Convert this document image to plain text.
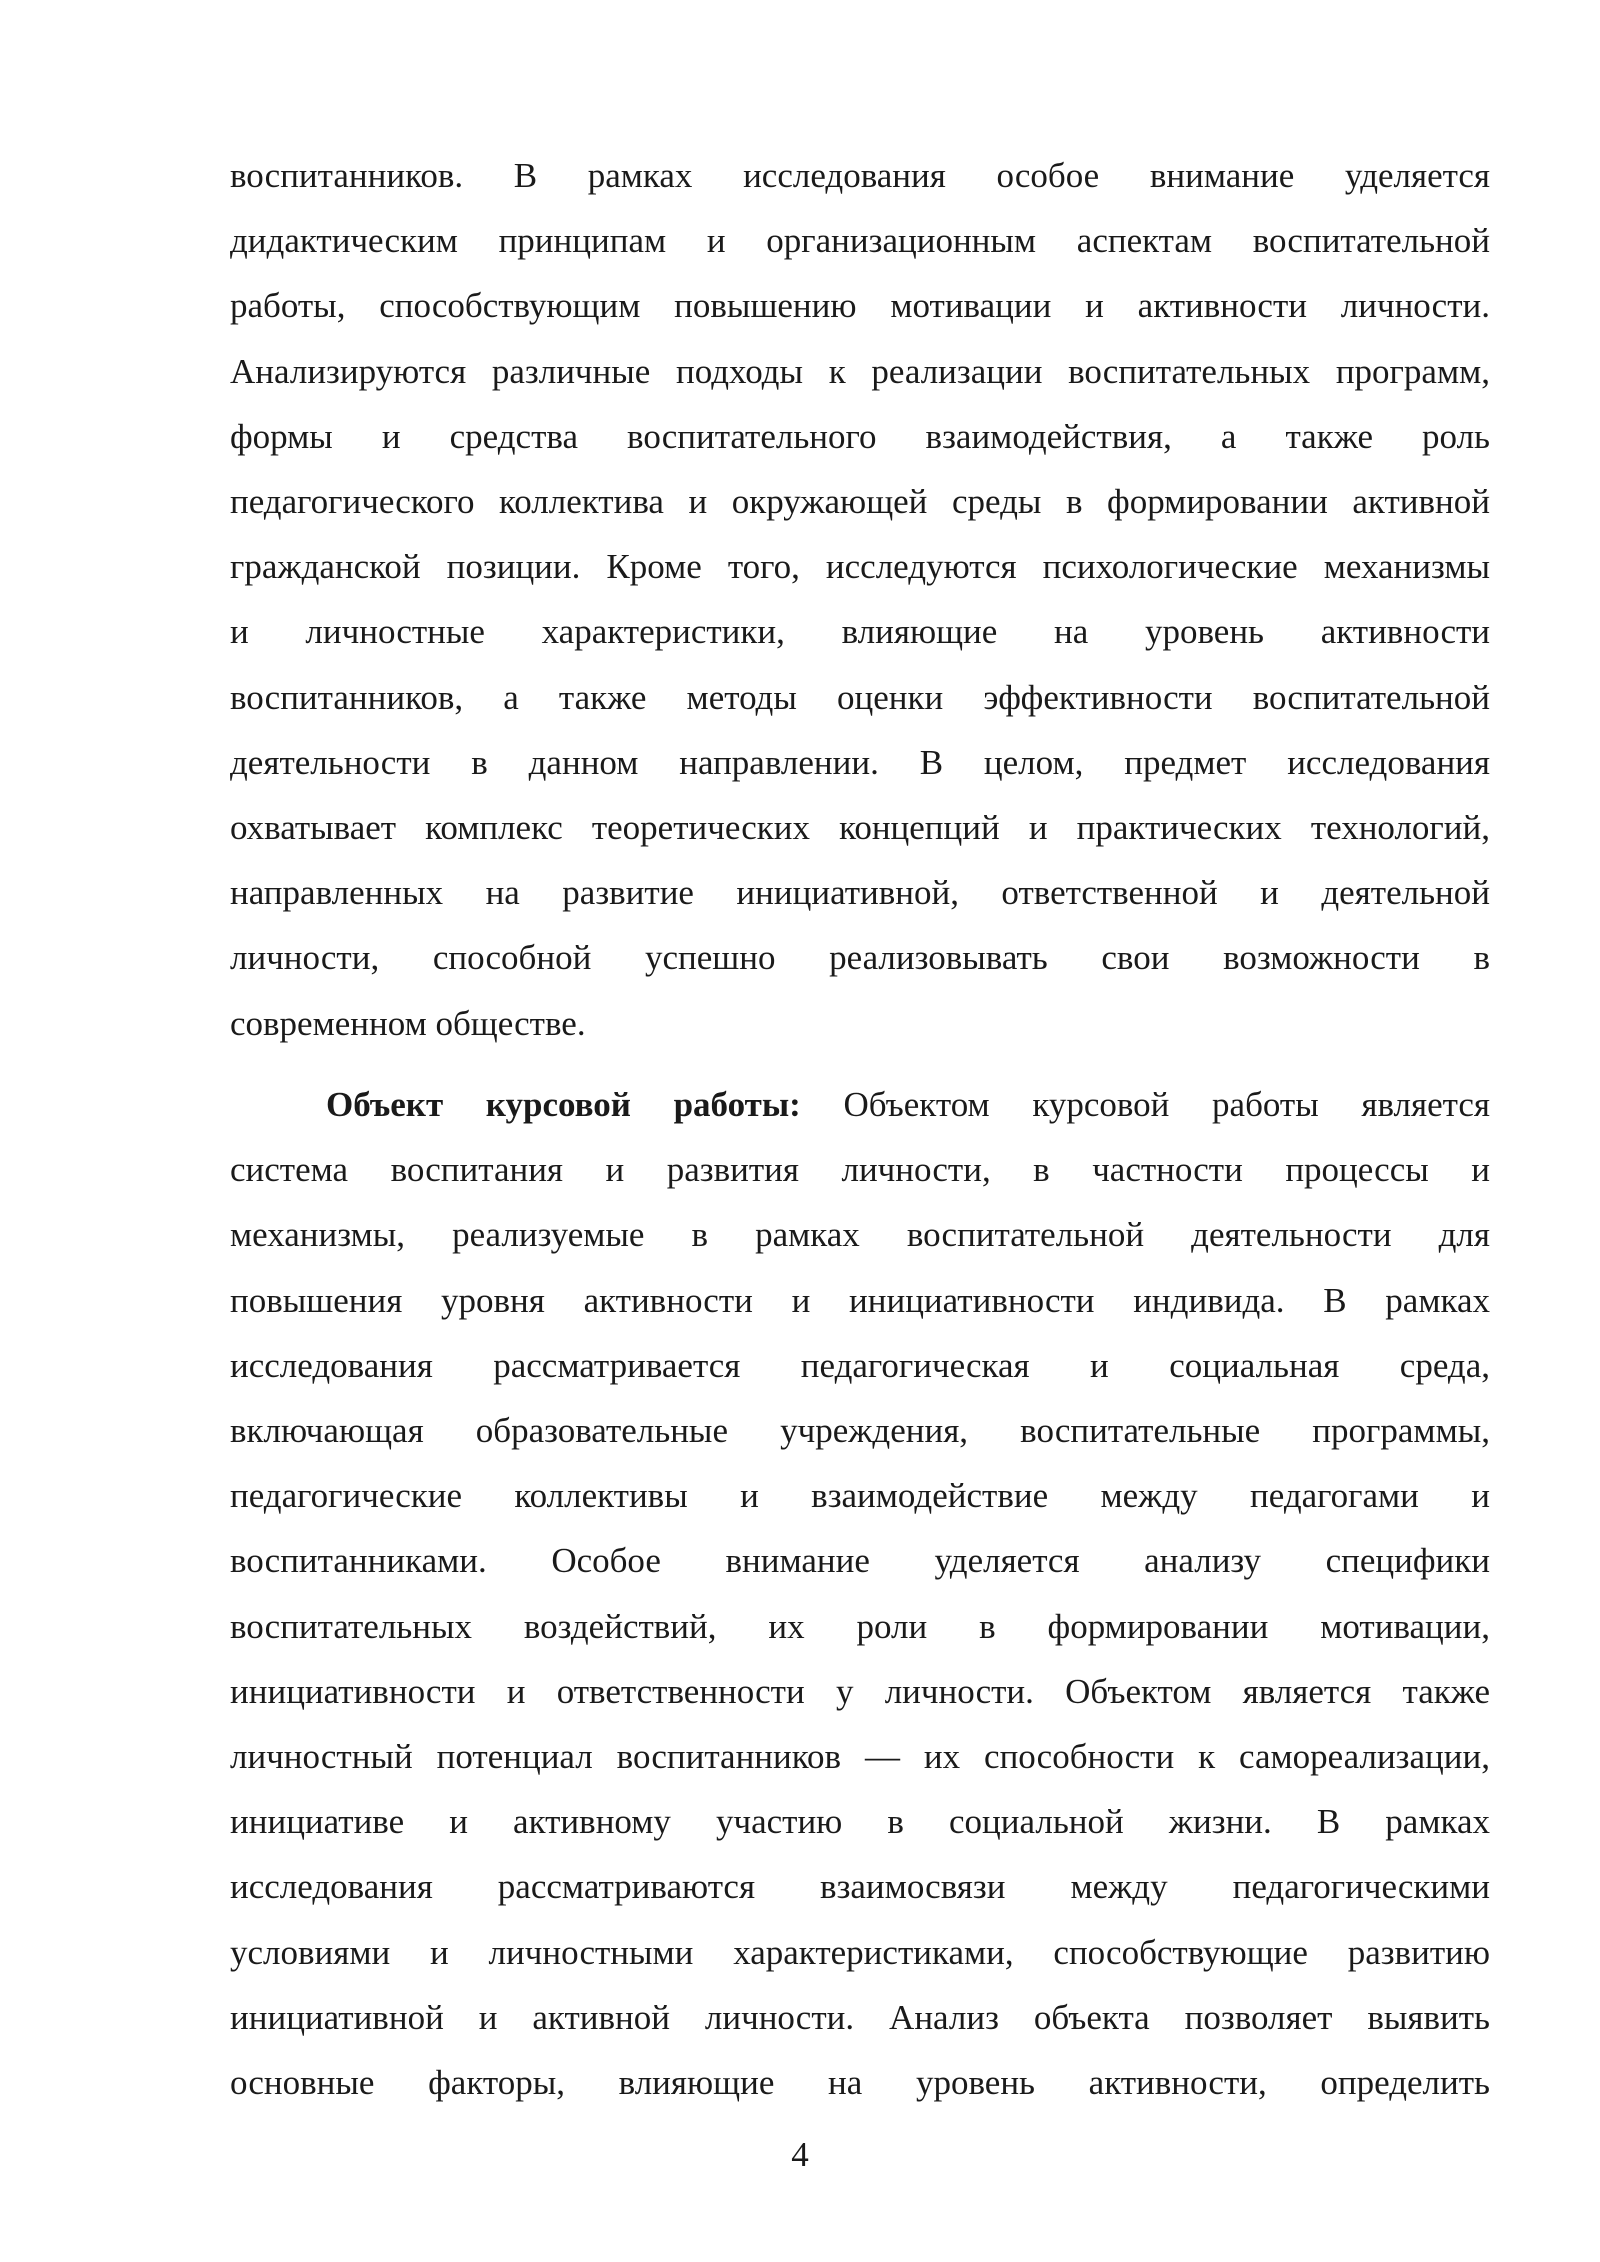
воспитанников. В рамках исследования особое внимание уделяется
дидактическим принципам и организационным аспектам воспитательной
работы, способствующим повышению мотивации и активности личности.
Анализируются различные подходы к реализации воспитательных программ,
формы и средства воспитательного взаимодействия, а также роль
педагогического коллектива и окружающей среды в формировании активной
гражданской позиции. Кроме того, исследуются психологические механизмы
и личностные характеристики, влияющие на уровень активности
воспитанников, а также методы оценки эффективности воспитательной
деятельности в данном направлении. В целом, предмет исследования
охватывает комплекс теоретических концепций и практических технологий,
направленных на развитие инициативной, ответственной и деятельной
личности, способной успешно реализовывать свои возможности в
современном обществе.
Объект курсовой работы: Объектом курсовой работы является
система воспитания и развития личности, в частности процессы и
механизмы, реализуемые в рамках воспитательной деятельности для
повышения уровня активности и инициативности индивида. В рамках
исследования рассматривается педагогическая и социальная среда,
включающая образовательные учреждения, воспитательные программы,
педагогические коллективы и взаимодействие между педагогами и
воспитанниками. Особое внимание уделяется анализу специфики
воспитательных воздействий, их роли в формировании мотивации,
инициативности и ответственности у личности. Объектом является также
личностный потенциал воспитанников — их способности к самореализации,
инициативе и активному участию в социальной жизни. В рамках
исследования рассматриваются взаимосвязи между педагогическими
условиями и личностными характеристиками, способствующие развитию
инициативной и активной личности. Анализ объекта позволяет выявить
основные факторы, влияющие на уровень активности, определить
4
